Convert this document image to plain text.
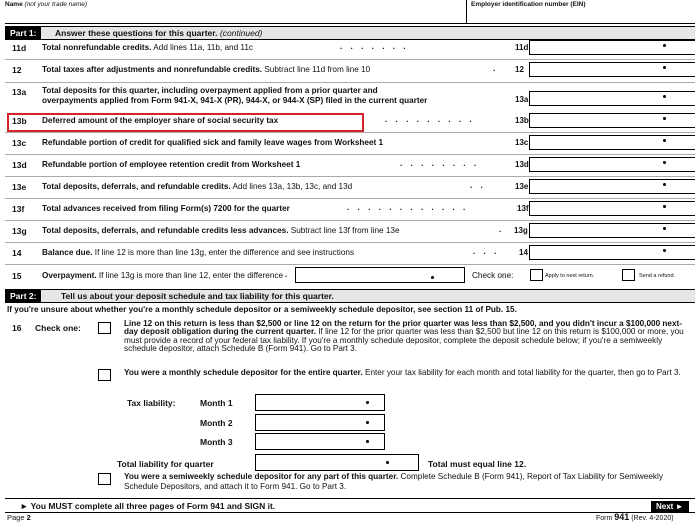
Name (not your trade name)	Employer identification number (EIN)
Part 1:	Answer these questions for this quarter. (continued)
11d Total nonrefundable credits. Add lines 11a, 11b, and 11c	. . . . . . .	11d
12	Total taxes after adjustments and nonrefundable credits. Subtract line 11d from line 10	. 12
13a Total deposits for this quarter, including overpayment applied from a prior quarter and
overpayments applied from Form 941-X, 941-X (PR), 944-X, or 944-X (SP) filed in the current quarter	13a
13b Deferred amount of the employer share of social security tax	. . . . . . . . .	13b
13c Refundable portion of credit for qualified sick and family leave wages from Worksheet 1	13c
13d Refundable portion of employee retention credit from Worksheet 1	. . . . . . . .	13d
13e Total deposits, deferrals, and refundable credits. Add lines 13a, 13b, 13c, and 13d	. .	13e
13f Total advances received from filing Form(s) 7200 for the quarter	. . . . . . . . . . . .	13f
13g Total deposits, deferrals, and refundable credits less advances. Subtract line 13f from line 13e	. 13g
14	Balance due. If line 12 is more than line 13g, enter the difference and see instructions	. . . 14
15	Overpayment. If line 13g is more than line 12, enter the difference .	Check one:	Apply to next return.	Send a refund.
Part 2:	Tell us about your deposit schedule and tax liability for this quarter.
If you're unsure about whether you're a monthly schedule depositor or a semiweekly schedule depositor, see section 11 of Pub. 15.
16 Check one:	Line 12 on this return is less than $2,500 or line 12 on the return for the prior quarter was less than $2,500, and you didn't incur a $100,000 next-day deposit obligation during the current quarter. If line 12 for the prior quarter was less than $2,500 but line 12 on this return is $100,000 or more, you must provide a record of your federal tax liability. If you're a monthly schedule depositor, complete the deposit schedule below; if you're a semiweekly schedule depositor, attach Schedule B (Form 941). Go to Part 3.
You were a monthly schedule depositor for the entire quarter. Enter your tax liability for each month and total liability for the quarter, then go to Part 3.
Tax liability:	Month 1
Month 2
Month 3
Total liability for quarter	Total must equal line 12.
You were a semiweekly schedule depositor for any part of this quarter. Complete Schedule B (Form 941), Report of Tax Liability for Semiweekly Schedule Depositors, and attach it to Form 941. Go to Part 3.
► You MUST complete all three pages of Form 941 and SIGN it.	Next ►
Page 2	Form 941 (Rev. 4-2020)
